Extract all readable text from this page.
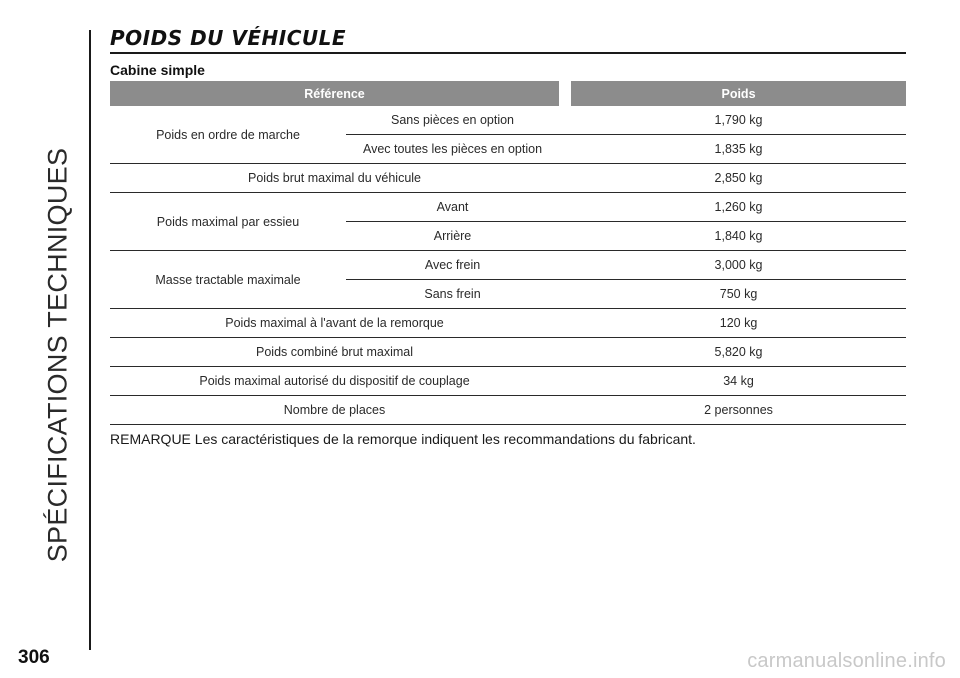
SPÉCIFICATIONS TECHNIQUES
POIDS DU VÉHICULE
Cabine simple
Référence			Poids
Poids en ordre de marche	Sans pièces en option		1,790 kg
	Avec toutes les pièces en option		1,835 kg
Poids brut maximal du véhicule			2,850 kg
Poids maximal par essieu	Avant		1,260 kg
	Arrière		1,840 kg
Masse tractable maximale	Avec frein		3,000 kg
	Sans frein		750 kg
Poids maximal à l'avant de la remorque			120 kg
Poids combiné brut maximal			5,820 kg
Poids maximal autorisé du dispositif de couplage			34 kg
Nombre de places			2 personnes

REMARQUE Les caractéristiques de la remorque indiquent les recommandations du fabricant.

306	carmanualsonline.info
